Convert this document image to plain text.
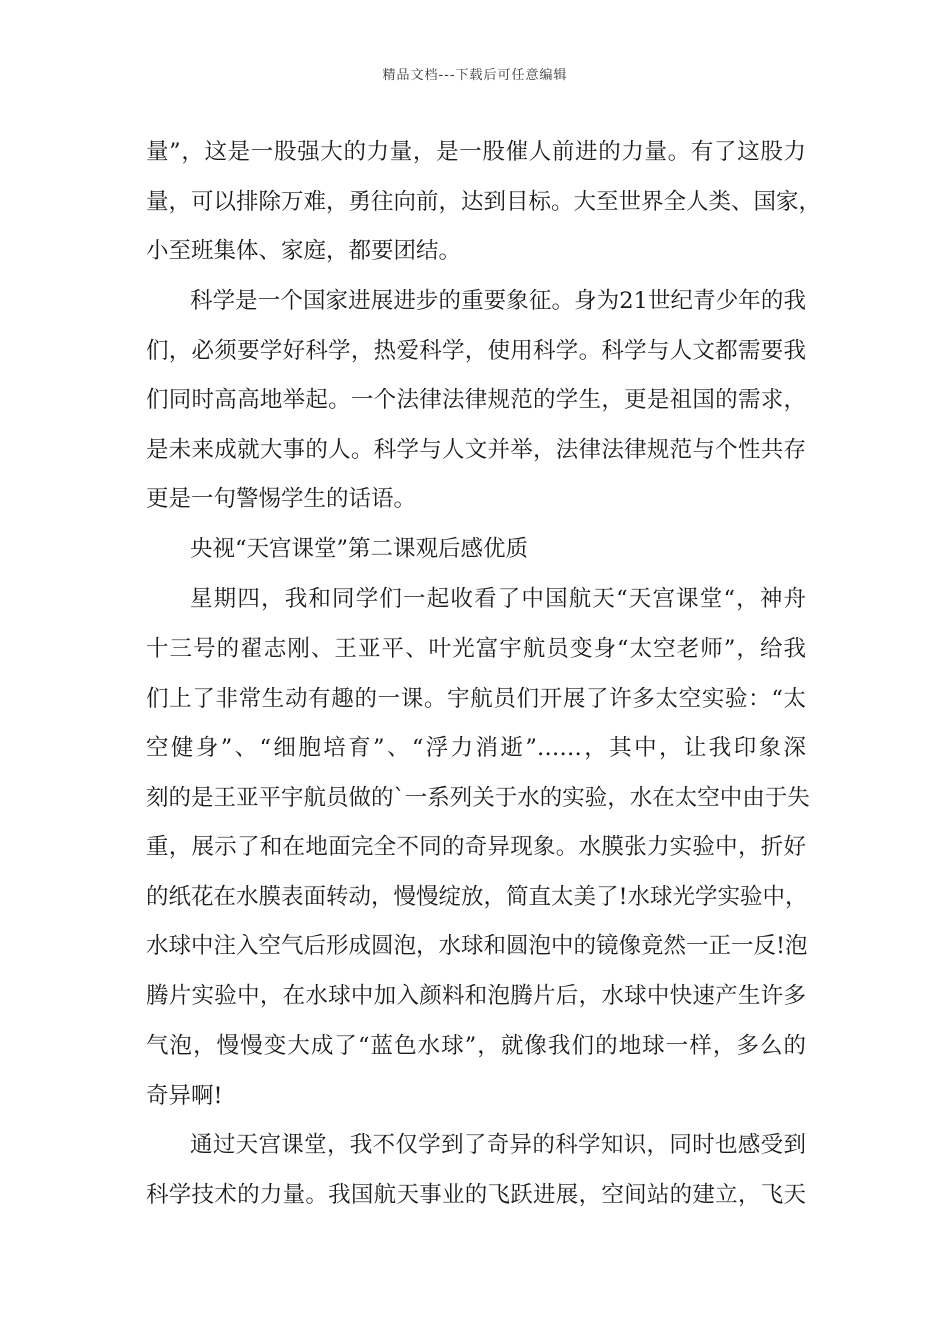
精品文档---下载后可任意编辑
量”，这是一股强大的力量，是一股催人前进的力量。有了这股力
量，可以排除万难，勇往向前，达到目标。大至世界全人类、国家，
小至班集体、家庭，都要团结。
科学是一个国家进展进步的重要象征。身为21世纪青少年的我
们，必须要学好科学，热爱科学，使用科学。科学与人文都需要我
们同时高高地举起。一个法律法律规范的学生，更是祖国的需求，
是未来成就大事的人。科学与人文并举，法律法律规范与个性共存
更是一句警惕学生的话语。
央视“天宫课堂”第二课观后感优质
星期四，我和同学们一起收看了中国航天“天宫课堂“，神舟
十三号的翟志刚、王亚平、叶光富宇航员变身“太空老师”，给我
们上了非常生动有趣的一课。宇航员们开展了许多太空实验：“太
空健身”、“细胞培育”、“浮力消逝”……，其中，让我印象深
刻的是王亚平宇航员做的`一系列关于水的实验，水在太空中由于失
重，展示了和在地面完全不同的奇异现象。水膜张力实验中，折好
的纸花在水膜表面转动，慢慢绽放，简直太美了!水球光学实验中，
水球中注入空气后形成圆泡，水球和圆泡中的镜像竟然一正一反!泡
腾片实验中，在水球中加入颜料和泡腾片后，水球中快速产生许多
气泡，慢慢变大成了“蓝色水球”，就像我们的地球一样，多么的
奇异啊!
通过天宫课堂，我不仅学到了奇异的科学知识，同时也感受到
科学技术的力量。我国航天事业的飞跃进展，空间站的建立，飞天
